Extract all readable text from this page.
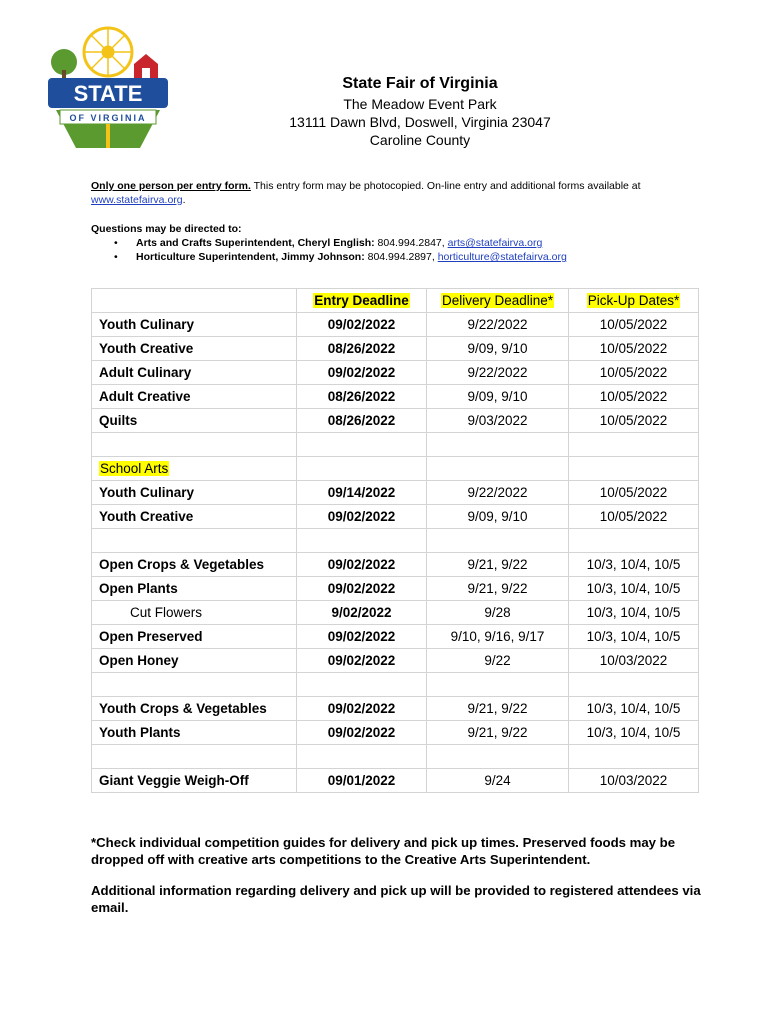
STATE
OF VIRGINIA
State Fair of Virginia
The Meadow Event Park
13111 Dawn Blvd, Doswell, Virginia 23047
Caroline County
Only one person per entry form. This entry form may be photocopied. On-line entry and additional forms available at www.statefairva.org.
Questions may be directed to:
• Arts and Crafts Superintendent, Cheryl English: 804.994.2847, arts@statefairva.org
• Horticulture Superintendent, Jimmy Johnson: 804.994.2897, horticulture@statefairva.org
	Entry Deadline	Delivery Deadline*	Pick-Up Dates*
Youth Culinary	09/02/2022	9/22/2022	10/05/2022
Youth Creative	08/26/2022	9/09, 9/10	10/05/2022
Adult Culinary	09/02/2022	9/22/2022	10/05/2022
Adult Creative	08/26/2022	9/09, 9/10	10/05/2022
Quilts	08/26/2022	9/03/2022	10/05/2022

School Arts			
Youth Culinary	09/14/2022	9/22/2022	10/05/2022
Youth Creative	09/02/2022	9/09, 9/10	10/05/2022

Open Crops & Vegetables	09/02/2022	9/21, 9/22	10/3, 10/4, 10/5
Open Plants	09/02/2022	9/21, 9/22	10/3, 10/4, 10/5
Cut Flowers	9/02/2022	9/28	10/3, 10/4, 10/5
Open Preserved	09/02/2022	9/10, 9/16, 9/17	10/3, 10/4, 10/5
Open Honey	09/02/2022	9/22	10/03/2022

Youth Crops & Vegetables	09/02/2022	9/21, 9/22	10/3, 10/4, 10/5
Youth Plants	09/02/2022	9/21, 9/22	10/3, 10/4, 10/5

Giant Veggie Weigh-Off	09/01/2022	9/24	10/03/2022
*Check individual competition guides for delivery and pick up times. Preserved foods may be dropped off with creative arts competitions to the Creative Arts Superintendent.
Additional information regarding delivery and pick up will be provided to registered attendees via email.
